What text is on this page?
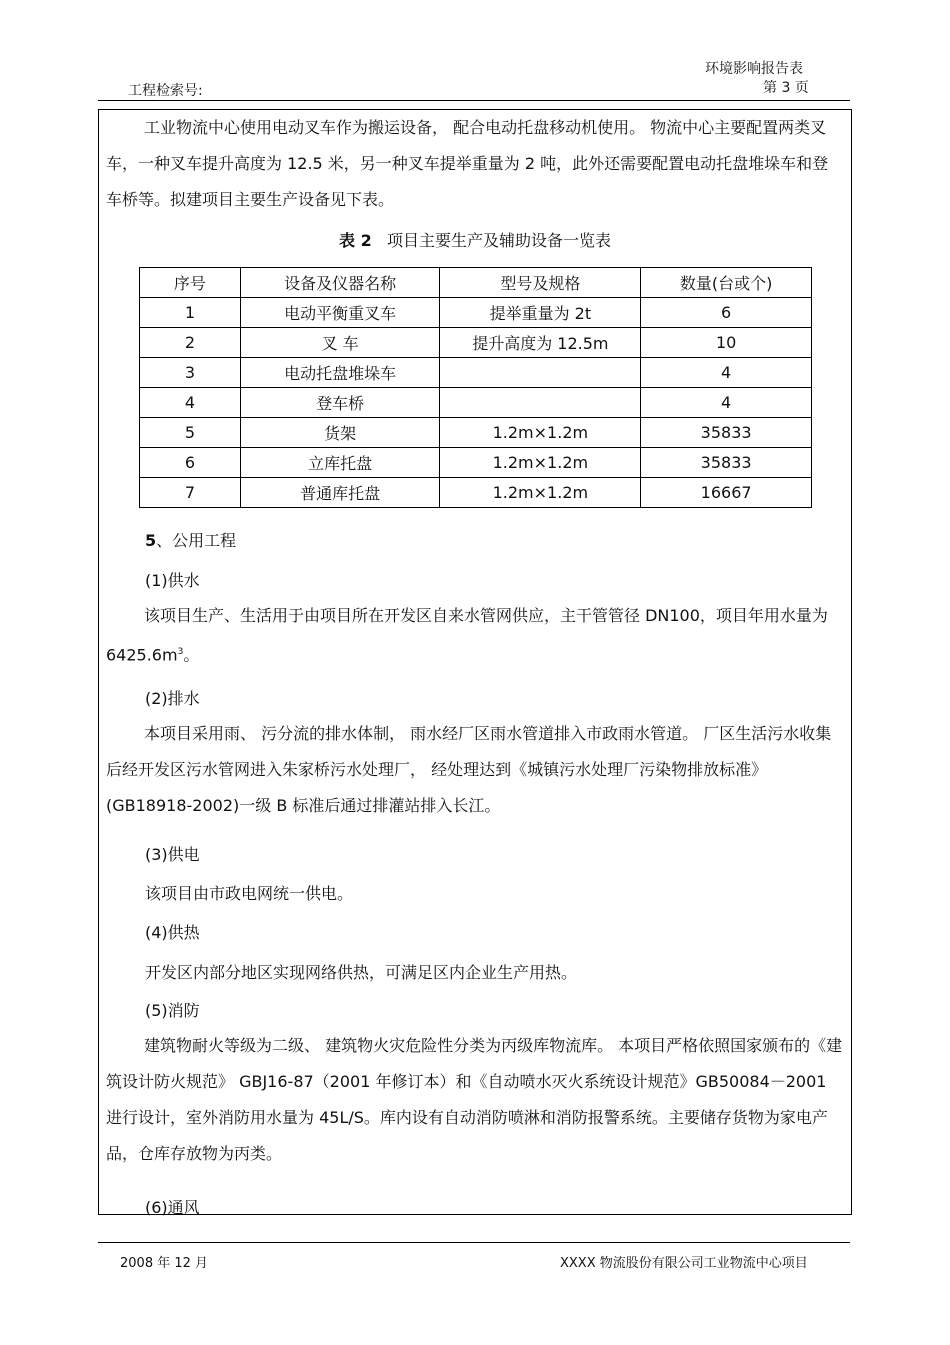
工程检索号:
环境影响报告表
第 3 页
工业物流中心使用电动叉车作为搬运设备， 配合电动托盘移动机使用。 物流中心主要配置两类叉车，一种叉车提升高度为 12.5 米，另一种叉车提举重量为 2 吨，此外还需要配置电动托盘堆垛车和登车桥等。拟建项目主要生产设备见下表。
表 2 项目主要生产及辅助设备一览表
序号	设备及仪器名称	型号及规格	数量(台或个)
1	电动平衡重叉车	提举重量为 2t	6
2	叉 车	提升高度为 12.5m	10
3	电动托盘堆垛车		4
4	登车桥		4
5	货架	1.2m×1.2m	35833
6	立库托盘	1.2m×1.2m	35833
7	普通库托盘	1.2m×1.2m	16667
5、公用工程
(1)供水
该项目生产、生活用于由项目所在开发区自来水管网供应，主干管管径 DN100，项目年用水量为 $6425.6m^3$。
(2)排水
本项目采用雨、 污分流的排水体制， 雨水经厂区雨水管道排入市政雨水管道。 厂区生活污水收集后经开发区污水管网进入朱家桥污水处理厂， 经处理达到《城镇污水处理厂污染物排放标准》 (GB18918-2002)一级 B 标准后通过排灌站排入长江。
(3)供电
该项目由市政电网统一供电。
(4)供热
开发区内部分地区实现网络供热，可满足区内企业生产用热。
(5)消防
建筑物耐火等级为二级、 建筑物火灾危险性分类为丙级库物流库。 本项目严格依照国家颁布的《建筑设计防火规范》 GBJ16-87（2001 年修订本）和《自动喷水灭火系统设计规范》GB50084－2001 进行设计，室外消防用水量为 45L/S。库内设有自动消防喷淋和消防报警系统。主要储存货物为家电产品，仓库存放物为丙类。
(6)通风
2008 年 12 月	XXXX 物流股份有限公司工业物流中心项目
